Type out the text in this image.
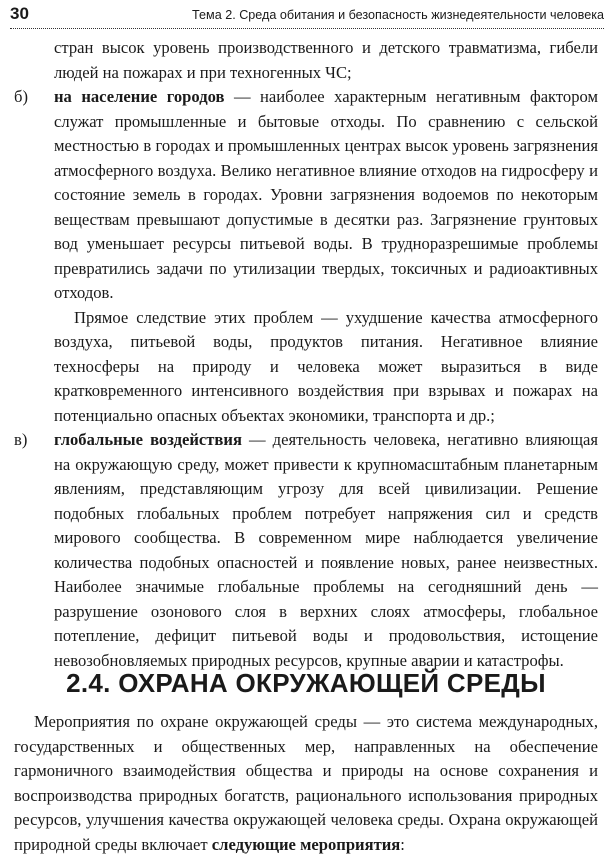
30	Тема 2. Среда обитания и безопасность жизнедеятельности человека
стран высок уровень производственного и детского травматизма, гибели людей на пожарах и при техногенных ЧС;
б) на население городов — наиболее характерным негативным фактором служат промышленные и бытовые отходы. По сравнению с сельской местностью в городах и промышленных центрах высок уровень загрязнения атмосферного воздуха. Велико негативное влияние отходов на гидросферу и состояние земель в городах. Уровни загрязнения водоемов по некоторым веществам превышают допустимые в десятки раз. Загрязнение грунтовых вод уменьшает ресурсы питьевой воды. В трудноразрешимые проблемы превратились задачи по утилизации твердых, токсичных и радиоактивных отходов.
Прямое следствие этих проблем — ухудшение качества атмосферного воздуха, питьевой воды, продуктов питания. Негативное влияние техносферы на природу и человека может выразиться в виде кратковременного интенсивного воздействия при взрывах и пожарах на потенциально опасных объектах экономики, транспорта и др.;
в) глобальные воздействия — деятельность человека, негативно влияющая на окружающую среду, может привести к крупномасштабным планетарным явлениям, представляющим угрозу для всей цивилизации. Решение подобных глобальных проблем потребует напряжения сил и средств мирового сообщества. В современном мире наблюдается увеличение количества подобных опасностей и появление новых, ранее неизвестных. Наиболее значимые глобальные проблемы на сегодняшний день — разрушение озонового слоя в верхних слоях атмосферы, глобальное потепление, дефицит питьевой воды и продовольствия, истощение невозобновляемых природных ресурсов, крупные аварии и катастрофы.
2.4. ОХРАНА ОКРУЖАЮЩЕЙ СРЕДЫ
Мероприятия по охране окружающей среды — это система международных, государственных и общественных мер, направленных на обеспечение гармоничного взаимодействия общества и природы на основе сохранения и воспроизводства природных богатств, рационального использования природных ресурсов, улучшения качества окружающей человека среды. Охрана окружающей природной среды включает следующие мероприятия:
